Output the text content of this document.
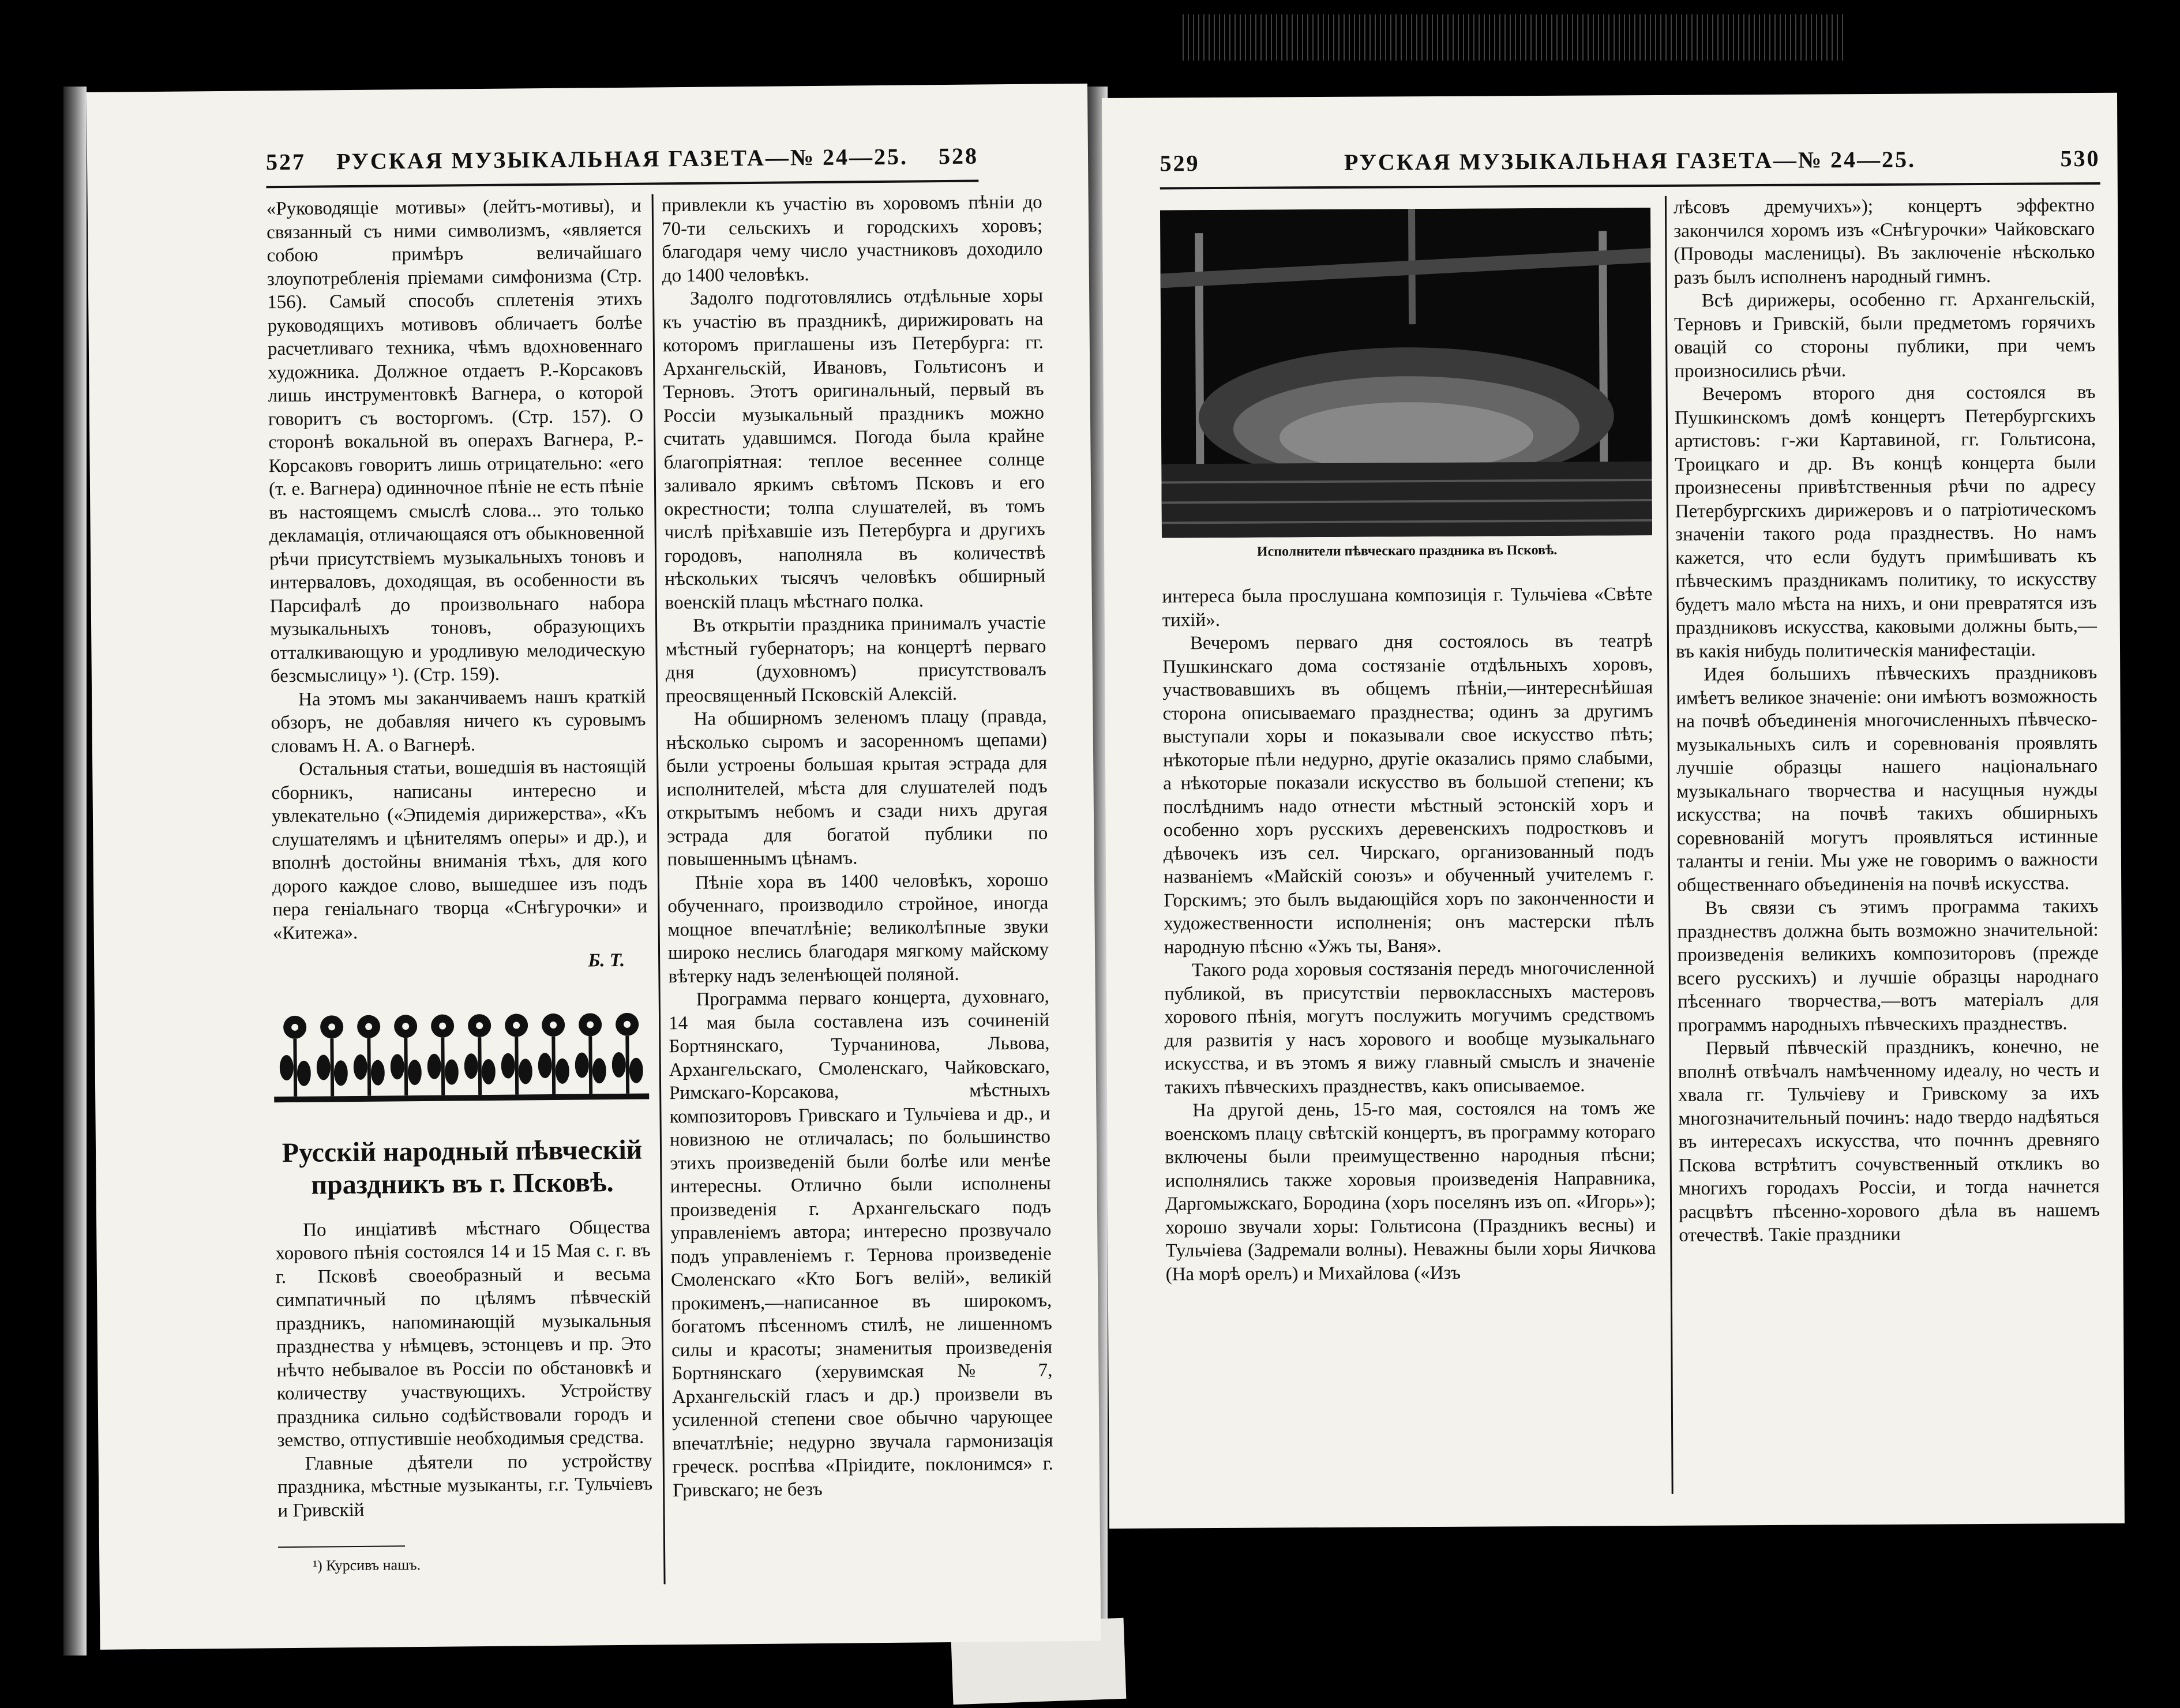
527	РУСКАЯ МУЗЫКАЛЬНАЯ ГАЗЕТА—№ 24—25.	528

«Руководящіе мотивы» (лейтъ-мотивы), и связанный съ ними символизмъ, «является собою примѣръ величайшаго злоупотребленія пріемами симфонизма (Стр. 156). Самый способъ сплетенія этихъ руководящихъ мотивовъ обличаетъ болѣе расчетливаго техника, чѣмъ вдохновеннаго художника. Должное отдаетъ Р.-Корсаковъ лишь инструментовкѣ Вагнера, о которой говоритъ съ восторгомъ. (Стр. 157). О сторонѣ вокальной въ операхъ Вагнера, Р.-Корсаковъ говоритъ лишь отрицательно: «его (т. е. Вагнера) одинночное пѣніе не есть пѣніе въ настоящемъ смыслѣ слова... это только декламація, отличающаяся отъ обыкновенной рѣчи присутствіемъ музыкальныхъ тоновъ и интерваловъ, доходящая, въ особенности въ Парсифалѣ до произвольнаго набора музыкальныхъ тоновъ, образующихъ отталкивающую и уродливую мелодическую безсмыслицу» ¹). (Стр. 159).

На этомъ мы заканчиваемъ нашъ краткій обзоръ, не добавляя ничего къ суровымъ словамъ Н. А. о Вагнерѣ.

Остальныя статьи, вошедшія въ настоящій сборникъ, написаны интересно и увлекательно («Эпидемія дирижерства», «Къ слушателямъ и цѣнителямъ оперы» и др.), и вполнѣ достойны вниманія тѣхъ, для кого дорого каждое слово, вышедшее изъ подъ пера геніальнаго творца «Снѣгурочки» и «Китежа».

Б. Т.

Русскій народный пѣвческій праздникъ въ г. Псковѣ.

По инціативѣ мѣстнаго Общества хорового пѣнія состоялся 14 и 15 Мая с. г. въ г. Псковѣ своеобразный и весьма симпатичный по цѣлямъ пѣвческій праздникъ, напоминающій музыкальныя празднества у нѣмцевъ, эстонцевъ и пр. Это нѣчто небывалое въ Россіи по обстановкѣ и количеству участвующихъ. Устройству праздника сильно содѣйствовали городъ и земство, отпустившіе необходимыя средства.

Главные дѣятели по устройству праздника, мѣстные музыканты, г.г. Тульчіевъ и Гривскій

¹) Курсивъ нашъ.

привлекли къ участію въ хоровомъ пѣніи до 70-ти сельскихъ и городскихъ хоровъ; благодаря чему число участниковъ доходило до 1400 человѣкъ.

Задолго подготовлялись отдѣльные хоры къ участію въ праздникѣ, дирижировать на которомъ приглашены изъ Петербурга: гг. Архангельскій, Ивановъ, Гольтисонъ и Терновъ. Этотъ оригинальный, первый въ Россіи музыкальный праздникъ можно считать удавшимся. Погода была крайне благопріятная: теплое весеннее солнце заливало яркимъ свѣтомъ Псковъ и его окрестности; толпа слушателей, въ томъ числѣ пріѣхавшіе изъ Петербурга и другихъ городовъ, наполняла въ количествѣ нѣскольких тысячъ человѣкъ обширный военскій плацъ мѣстнаго полка.

Въ открытіи праздника принималъ участіе мѣстный губернаторъ; на концертѣ перваго дня (духовномъ) присутствовалъ преосвященный Псковскій Алексій.

На обширномъ зеленомъ плацу (правда, нѣсколько сыромъ и засоренномъ щепами) были устроены большая крытая эстрада для исполнителей, мѣста для слушателей подъ открытымъ небомъ и сзади нихъ другая эстрада для богатой публики по повышеннымъ цѣнамъ.

Пѣніе хора въ 1400 человѣкъ, хорошо обученнаго, производило стройное, иногда мощное впечатлѣніе; великолѣпные звуки широко неслись благодаря мягкому майскому вѣтерку надъ зеленѣющей поляной.

Программа перваго концерта, духовнаго, 14 мая была составлена изъ сочиненій Бортнянскаго, Турчанинова, Львова, Архангельскаго, Смоленскаго, Чайковскаго, Римскаго-Корсакова, мѣстныхъ композиторовъ Гривскаго и Тульчіева и др., и новизною не отличалась; по большинство этихъ произведеній были болѣе или менѣе интересны. Отлично были исполнены произведенія г. Архангельскаго подъ управленіемъ автора; интересно прозвучало подъ управленіемъ г. Тернова произведеніе Смоленскаго «Кто Богъ велій», великій прокименъ,—написанное въ широкомъ, богатомъ пѣсенномъ стилѣ, не лишенномъ силы и красоты; знаменитыя произведенія Бортнянскаго (херувимская № 7, Архангельскій гласъ и др.) произвели въ усиленной степени свое обычно чарующее впечатлѣніе; недурно звучала гармонизація греческ. роспѣва «Пріидите, поклонимся» г. Гривскаго; не безъ

529	РУСКАЯ МУЗЫКАЛЬНАЯ ГАЗЕТА—№ 24—25.	530
Исполнители пѣвческаго праздника въ Псковѣ.

интереса была прослушана композиція г. Тульчіева «Свѣте тихій».

Вечеромъ перваго дня состоялось въ театрѣ Пушкинскаго дома состязаніе отдѣльныхъ хоровъ, участвовавшихъ въ общемъ пѣніи,—интереснѣйшая сторона описываемаго празднества; одинъ за другимъ выступали хоры и показывали свое искусство пѣть; нѣкоторые пѣли недурно, другіе оказались прямо слабыми, а нѣкоторые показали искусство въ большой степени; къ послѣднимъ надо отнести мѣстный эстонскій хоръ и особенно хоръ русскихъ деревенскихъ подростковъ и дѣвочекъ изъ сел. Чирскаго, организованный подъ названіемъ «Майскій союзъ» и обученный учителемъ г. Горскимъ; это былъ выдающійся хоръ по законченности и художественности исполненія; онъ мастерски пѣлъ народную пѣсню «Ужъ ты, Ваня».

Такого рода хоровыя состязанія передъ многочисленной публикой, въ присутствіи первоклассныхъ мастеровъ хорового пѣнія, могутъ послужить могучимъ средствомъ для развитія у насъ хорового и вообще музыкальнаго искусства, и въ этомъ я вижу главный смыслъ и значеніе такихъ пѣвческихъ празднествъ, какъ описываемое.

На другой день, 15-го мая, состоялся на томъ же военскомъ плацу свѣтскій концертъ, въ программу котораго включены были преимущественно народныя пѣсни; исполнялись также хоровыя произведенія Направника, Даргомыжскаго, Бородина (хоръ поселянъ изъ оп. «Игорь»); хорошо звучали хоры: Гольтисона (Праздникъ весны) и Тульчіева (Задремали волны). Неважны были хоры Яичкова (На морѣ орелъ) и Михайлова («Изъ

лѣсовъ дремучихъ»); концертъ эффектно закончился хоромъ изъ «Снѣгурочки» Чайковскаго (Проводы масленицы). Въ заключеніе нѣсколько разъ былъ исполненъ народный гимнъ.

Всѣ дирижеры, особенно гг. Архангельскій, Терновъ и Гривскій, были предметомъ горячихъ овацій со стороны публики, при чемъ произносились рѣчи.

Вечеромъ второго дня состоялся въ Пушкинскомъ домѣ концертъ Петербургскихъ артистовъ: г-жи Картавиной, гг. Гольтисона, Троицкаго и др. Въ концѣ концерта были произнесены привѣтственныя рѣчи по адресу Петербургскихъ дирижеровъ и о патріотическомъ значеніи такого рода празднествъ. Но намъ кажется, что если будутъ примѣшивать къ пѣвческимъ праздникамъ политику, то искусству будетъ мало мѣста на нихъ, и они превратятся изъ праздниковъ искусства, каковыми должны быть,—въ какія нибудь политическія манифестаціи.

Идея большихъ пѣвческихъ праздниковъ имѣетъ великое значеніе: они имѣютъ возможность на почвѣ объединенія многочисленныхъ пѣвческо-музыкальныхъ силъ и соревнованія проявлять лучшіе образцы нашего національнаго музыкальнаго творчества и насущныя нужды искусства; на почвѣ такихъ обширныхъ соревнованій могутъ проявляться истинные таланты и геніи. Мы уже не говоримъ о важности общественнаго объединенія на почвѣ искусства.

Въ связи съ этимъ программа такихъ празднествъ должна быть возможно значительной: произведенія великихъ композиторовъ (прежде всего русскихъ) и лучшіе образцы народнаго пѣсеннаго творчества,—вотъ матеріалъ для программъ народныхъ пѣвческихъ празднествъ.

Первый пѣвческій праздникъ, конечно, не вполнѣ отвѣчалъ намѣченному идеалу, но честь и хвала гг. Тульчіеву и Гривскому за ихъ многозначительный починъ: надо твердо надѣяться въ интересахъ искусства, что почннъ древняго Пскова встрѣтитъ сочувственный откликъ во многихъ городахъ Россіи, и тогда начнется расцвѣтъ пѣсенно-хорового дѣла въ нашемъ отечествѣ. Такіе праздники
